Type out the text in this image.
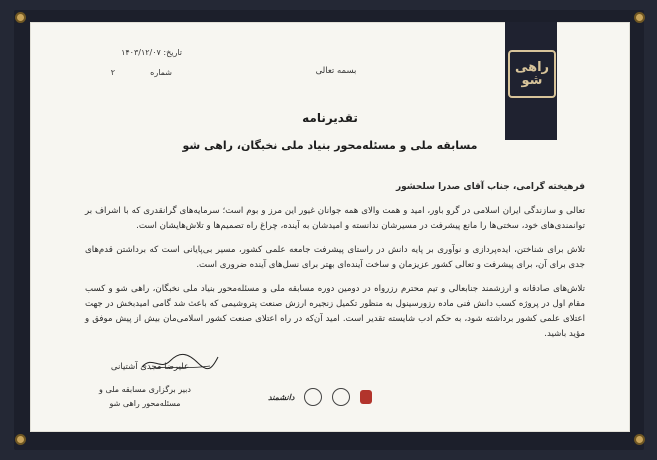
راهی
شو
تاریخ: ۱۴۰۳/۱۲/۰۷
شماره  ۲	بسمه تعالی
تقدیرنامه
مسابقه ملی و مسئله‌محور بنیاد ملی نخبگان، راهی شو
فرهیخته گرامی، جناب آقای صدرا سلحشور
تعالی و سازندگی ایران اسلامی در گرو باور، امید و همت والای همه جوانان غیور این مرز و بوم است؛ سرمایه‌های گرانقدری که با اشراف بر توانمندی‌های خود، سختی‌ها را مانع پیشرفت در مسیرشان ندانسته و امیدشان به آینده، چراغ راه تصمیم‌ها و تلاش‌هایشان است.
تلاش برای شناختن، ایده‌پردازی و نوآوری بر پایه دانش در راستای پیشرفت جامعه علمی کشور، مسیر بی‌پایانی است که برداشتن قدم‌های جدی برای آن، برای پیشرفت و تعالی کشور عزیزمان و ساخت آینده‌ای بهتر برای نسل‌های آینده ضروری است.
تلاش‌های صادقانه و ارزشمند جنابعالی و تیم محترم رزرواه در دومین دوره مسابقه ملی و مسئله‌محور بنیاد ملی نخبگان، راهی شو و کسب مقام اول در پروژه کسب دانش فنی ماده رزورسینول به منظور تکمیل زنجیره ارزش صنعت پتروشیمی که باعث شد گامی امیدبخش در جهت اعتلای علمی کشور برداشته شود، به حکم ادب شایسته تقدیر است. امید آن‌که در راه اعتلای صنعت کشور اسلامی‌مان بیش از پیش موفق و مؤید باشید.
علیرضا مجدی آشتیانی
دبیر برگزاری مسابقه ملی و
مسئله‌محور راهی شو
دانشمند
